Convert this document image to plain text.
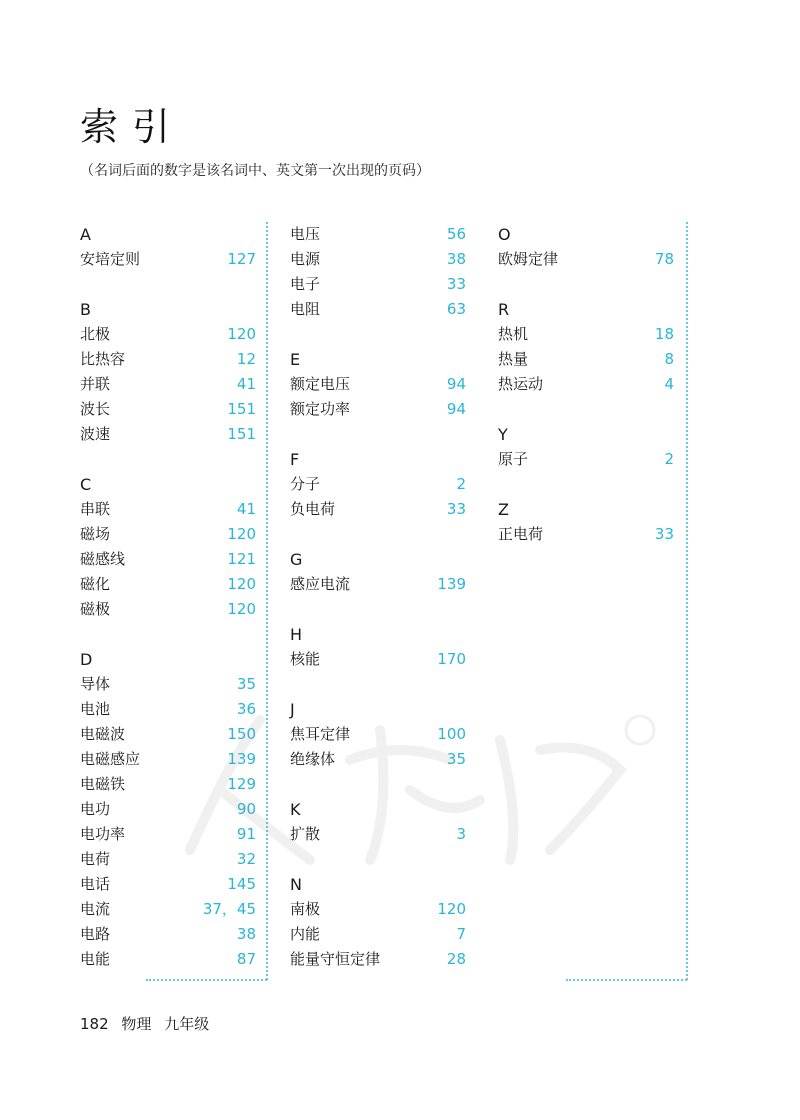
索引
（名词后面的数字是该名词中、英文第一次出现的页码）
A
安培定则	127
B
北极	120
比热容	12
并联	41
波长	151
波速	151
C
串联	41
磁场	120
磁感线	121
磁化	120
磁极	120
D
导体	35
电池	36
电磁波	150
电磁感应	139
电磁铁	129
电功	90
电功率	91
电荷	32
电话	145
电流	37，45
电路	38
电能	87
电压	56
电源	38
电子	33
电阻	63
E
额定电压	94
额定功率	94
F
分子	2
负电荷	33
G
感应电流	139
H
核能	170
J
焦耳定律	100
绝缘体	35
K
扩散	3
N
南极	120
内能	7
能量守恒定律	28
O
欧姆定律	78
R
热机	18
热量	8
热运动	4
Y
原子	2
Z
正电荷	33
182 物理 九年级
